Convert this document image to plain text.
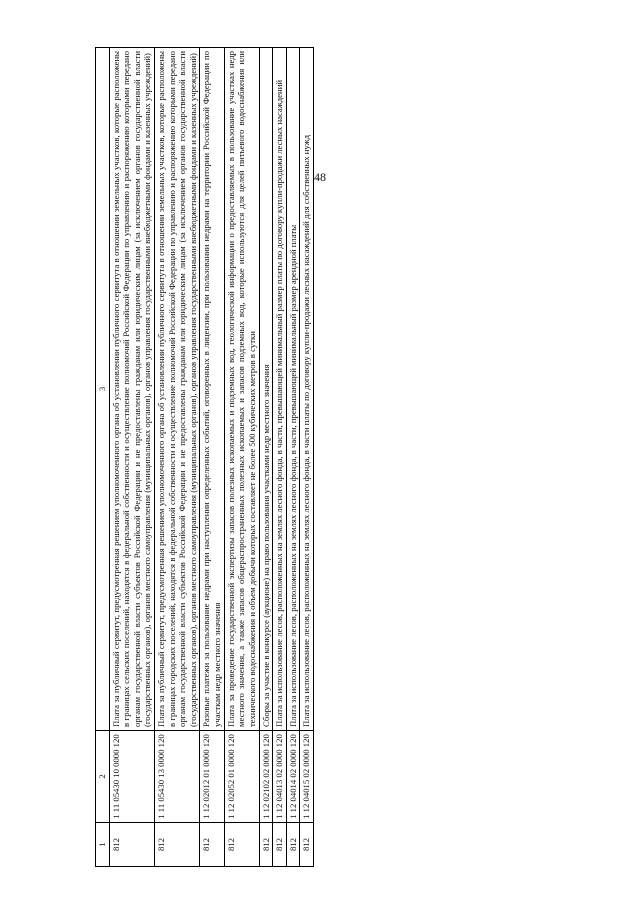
48
1	2	3
812	1 11 05430 10 0000 120	Плата за публичный сервитут, предусмотренная решением уполномоченного органа об установлении публичного сервитута в отношении земельных участков, которые расположены в границах сельских поселений, находятся в федеральной собственности и осуществление полномочий Российской Федерации по управлению и распоряжению которыми передано органам государственной власти субъектов Российской Федерации и не предоставлены гражданам или юридическим лицам (за исключением органов государственной власти (государственных органов), органов местного самоуправления (муниципальных органов), органов управления государственными внебюджетными фондами и казенных учреждений)
812	1 11 05430 13 0000 120	Плата за публичный сервитут, предусмотренная решением уполномоченного органа об установлении публичного сервитута в отношении земельных участков, которые расположены в границах городских поселений, находятся в федеральной собственности и осуществление полномочий Российской Федерации по управлению и распоряжению которыми передано органам государственной власти субъектов Российской Федерации и не предоставлены гражданам или юридическим лицам (за исключением органов государственной власти (государственных органов), органов местного самоуправления (муниципальных органов), органов управления государственными внебюджетными фондами и казенных учреждений)
812	1 12 02012 01 0000 120	Разовые платежи за пользование недрами при наступлении определенных событий, оговоренных в лицензии, при пользовании недрами на территории Российской Федерации по участкам недр местного значения
812	1 12 02052 01 0000 120	Плата за проведение государственной экспертизы запасов полезных ископаемых и подземных вод, геологической информации о предоставляемых в пользование участках недр местного значения, а также запасов общераспространенных полезных ископаемых и запасов подземных вод, которые используются для целей питьевого водоснабжения или технического водоснабжения и объем добычи которых составляет не более 500 кубических метров в сутки
812	1 12 02102 02 0000 120	Сборы за участие в конкурсе (аукционе) на право пользования участками недр местного значения
812	1 12 04013 02 0000 120	Плата за использование лесов, расположенных на землях лесного фонда, в части, превышающей минимальный размер платы по договору купли-продажи лесных насаждений
812	1 12 04014 02 0000 120	Плата за использование лесов, расположенных на землях лесного фонда, в части, превышающей минимальный размер арендной платы
812	1 12 04015 02 0000 120	Плата за использование лесов, расположенных на землях лесного фонда, в части платы по договору купли-продажи лесных насаждений для собственных нужд
